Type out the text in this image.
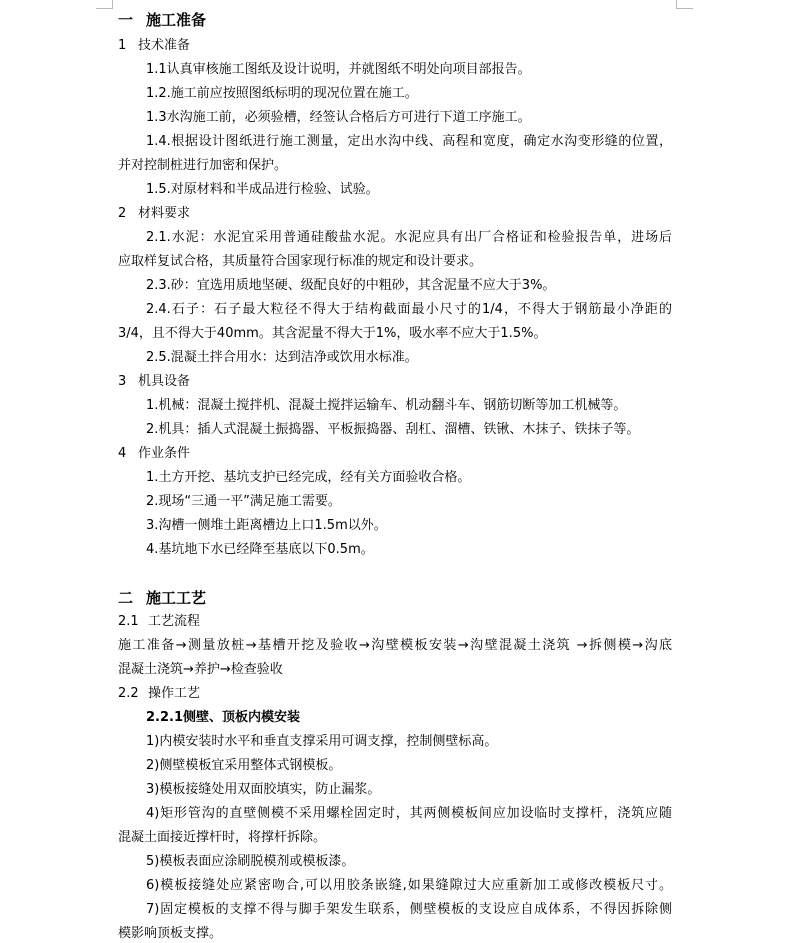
一 施工准备
1 技术准备
1.1认真审核施工图纸及设计说明，并就图纸不明处向项目部报告。
1.2.施工前应按照图纸标明的现况位置在施工。
1.3水沟施工前，必须验槽，经签认合格后方可进行下道工序施工。
1.4.根据设计图纸进行施工测量，定出水沟中线、高程和宽度，确定水沟变形缝的位置，
并对控制桩进行加密和保护。
1.5.对原材料和半成品进行检验、试验。
2 材料要求
2.1.水泥：水泥宜采用普通硅酸盐水泥。水泥应具有出厂合格证和检验报告单，进场后
应取样复试合格，其质量符合国家现行标准的规定和设计要求。
2.3.砂：宜选用质地坚硬、级配良好的中粗砂，其含泥量不应大于3%。
2.4.石子：石子最大粒径不得大于结构截面最小尺寸的1/4，不得大于钢筋最小净距的
3/4，且不得大于40mm。其含泥量不得大于1%，吸水率不应大于1.5%。
2.5.混凝土拌合用水：达到洁净或饮用水标准。
3 机具设备
1.机械：混凝土搅拌机、混凝土搅拌运输车、机动翻斗车、钢筋切断等加工机械等。
2.机具：插人式混凝土振捣器、平板振捣器、刮杠、溜槽、铁锹、木抹子、铁抹子等。
4 作业条件
1.土方开挖、基坑支护已经完成，经有关方面验收合格。
2.现场“三通一平”满足施工需要。
3.沟槽一侧堆土距离槽边上口1.5m以外。
4.基坑地下水已经降至基底以下0.5m。
二 施工工艺
2.1 工艺流程
施工准备→测量放桩→基槽开挖及验收→沟壁模板安装→沟壁混凝土浇筑 →拆侧模→沟底
混凝土浇筑→养护→检查验收
2.2 操作工艺
2.2.1侧壁、顶板内模安装
1)内模安装时水平和垂直支撑采用可调支撑，控制侧壁标高。
2)侧壁模板宜采用整体式钢模板。
3)模板接缝处用双面胶填实，防止漏浆。
4)矩形管沟的直壁侧模不采用螺栓固定时，其两侧模板间应加设临时支撑杆，浇筑应随
混凝土面接近撑杆时，将撑杆拆除。
5)模板表面应涂刷脱模剂或模板漆。
6)模板接缝处应紧密吻合,可以用胶条嵌缝,如果缝隙过大应重新加工或修改模板尺寸。
7)固定模板的支撑不得与脚手架发生联系，侧壁模板的支设应自成体系，不得因拆除侧
模影响顶板支撑。
